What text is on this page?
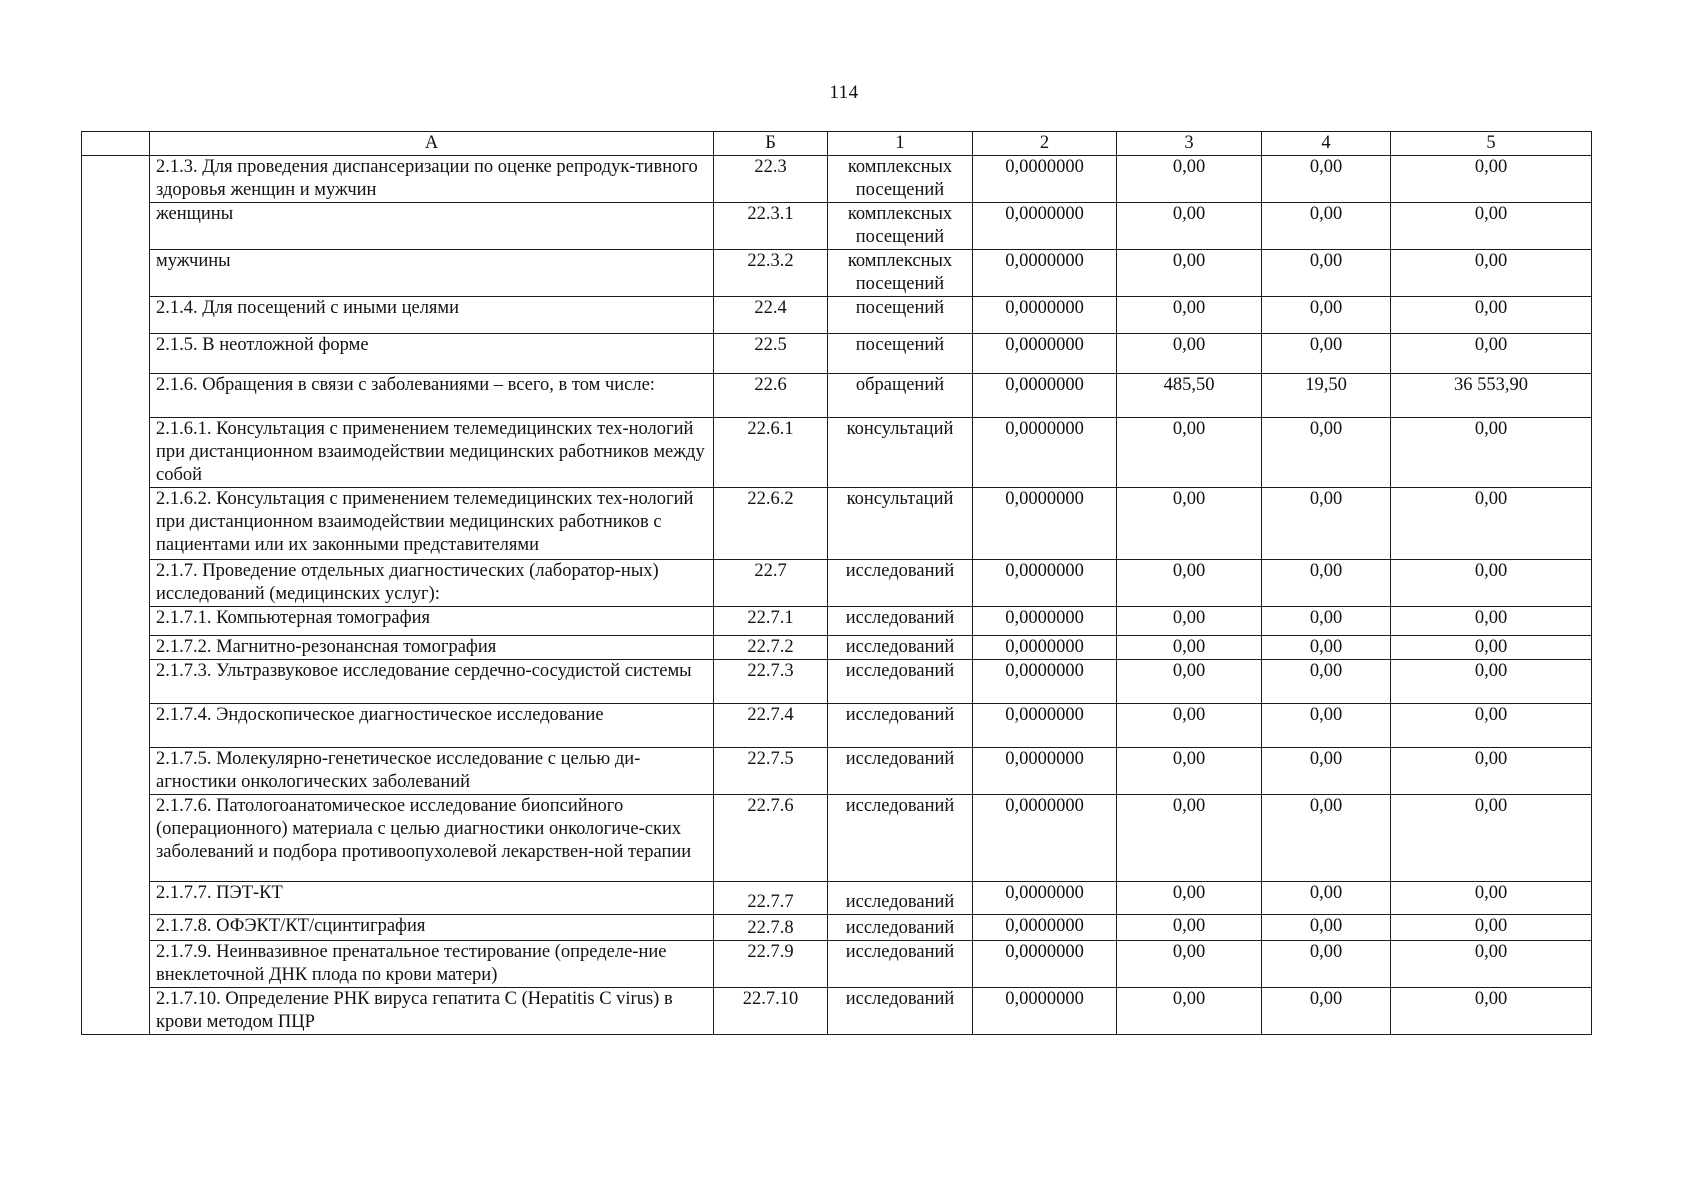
114
	А	Б	1	2	3	4	5
	2.1.3. Для проведения диспансеризации по оценке репродук-тивного здоровья женщин и мужчин	22.3	комплексных посещений	0,0000000	0,00	0,00	0,00
	женщины	22.3.1	комплексных посещений	0,0000000	0,00	0,00	0,00
	мужчины	22.3.2	комплексных посещений	0,0000000	0,00	0,00	0,00
	2.1.4. Для посещений с иными целями	22.4	посещений	0,0000000	0,00	0,00	0,00
	2.1.5. В неотложной форме	22.5	посещений	0,0000000	0,00	0,00	0,00
	2.1.6. Обращения в связи с заболеваниями – всего, в том числе:	22.6	обращений	0,0000000	485,50	19,50	36 553,90
	2.1.6.1. Консультация с применением телемедицинских тех-нологий при дистанционном взаимодействии медицинских работников между собой	22.6.1	консультаций	0,0000000	0,00	0,00	0,00
	2.1.6.2. Консультация с применением телемедицинских тех-нологий при дистанционном взаимодействии медицинских работников с пациентами или их законными представителями	22.6.2	консультаций	0,0000000	0,00	0,00	0,00
	2.1.7. Проведение отдельных диагностических (лаборатор-ных) исследований (медицинских услуг):	22.7	исследований	0,0000000	0,00	0,00	0,00
	2.1.7.1. Компьютерная томография	22.7.1	исследований	0,0000000	0,00	0,00	0,00
	2.1.7.2. Магнитно-резонансная томография	22.7.2	исследований	0,0000000	0,00	0,00	0,00
	2.1.7.3. Ультразвуковое исследование сердечно-сосудистой системы	22.7.3	исследований	0,0000000	0,00	0,00	0,00
	2.1.7.4. Эндоскопическое диагностическое исследование	22.7.4	исследований	0,0000000	0,00	0,00	0,00
	2.1.7.5. Молекулярно-генетическое исследование с целью ди-агностики онкологических заболеваний	22.7.5	исследований	0,0000000	0,00	0,00	0,00
	2.1.7.6. Патологоанатомическое исследование биопсийного (операционного) материала с целью диагностики онкологиче-ских заболеваний и подбора противоопухолевой лекарствен-ной терапии	22.7.6	исследований	0,0000000	0,00	0,00	0,00
	2.1.7.7. ПЭТ-КТ	22.7.7	исследований	0,0000000	0,00	0,00	0,00
	2.1.7.8. ОФЭКТ/КТ/сцинтиграфия	22.7.8	исследований	0,0000000	0,00	0,00	0,00
	2.1.7.9. Неинвазивное пренатальное тестирование (определе-ние внеклеточной ДНК плода по крови матери)	22.7.9	исследований	0,0000000	0,00	0,00	0,00
	2.1.7.10. Определение РНК вируса гепатита С (Hepatitis C virus) в крови методом ПЦР	22.7.10	исследований	0,0000000	0,00	0,00	0,00
